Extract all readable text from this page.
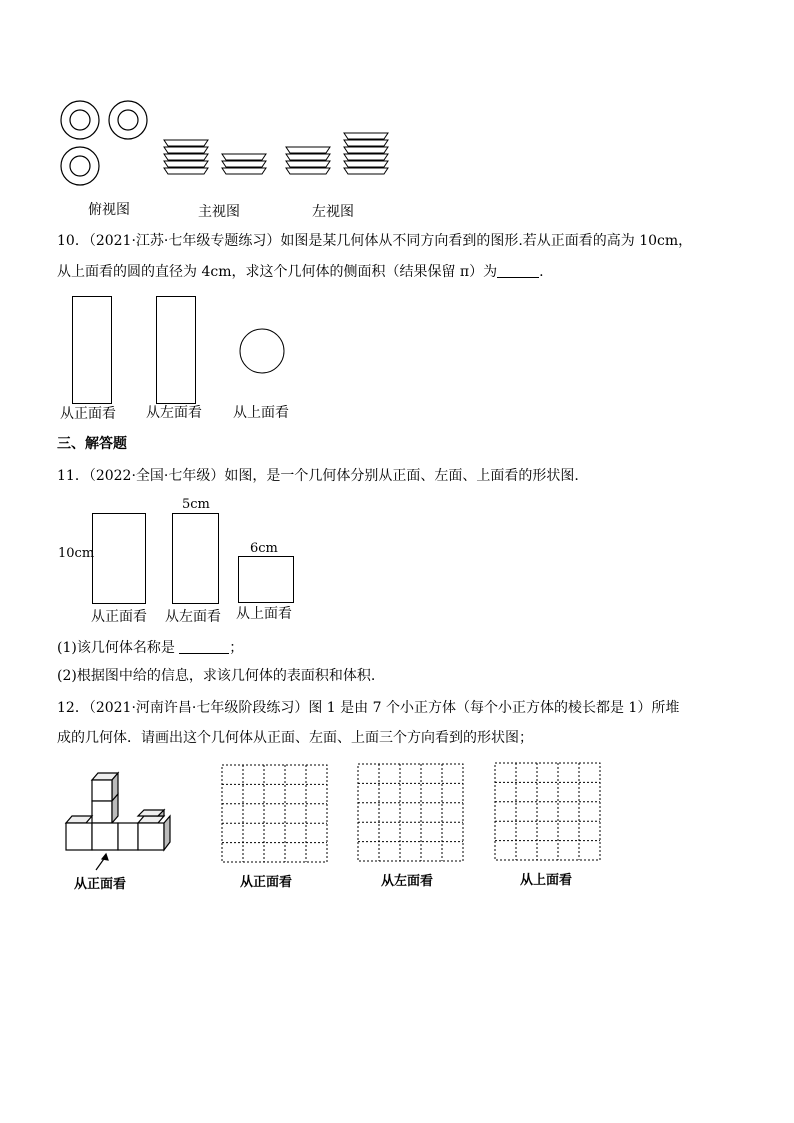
俯视图	主视图	左视图
10．（2021·江苏·七年级专题练习）如图是某几何体从不同方向看到的图形.若从正面看的高为 10cm，
从上面看的圆的直径为 4cm，求这个几何体的侧面积（结果保留 π）为	.
从正面看 从左面看 从上面看
三、解答题
11．（2022·全国·七年级）如图，是一个几何体分别从正面、左面、上面看的形状图.
10cm
5cm
6cm
从正面看 从左面看 从上面看
(1)该几何体名称是	；
(2)根据图中给的信息，求该几何体的表面积和体积.
12．（2021·河南许昌·七年级阶段练习）图 1 是由 7 个小正方体（每个小正方体的棱长都是 1）所堆
成的几何体．请画出这个几何体从正面、左面、上面三个方向看到的形状图；
从正面看	从正面看	从左面看	从上面看
